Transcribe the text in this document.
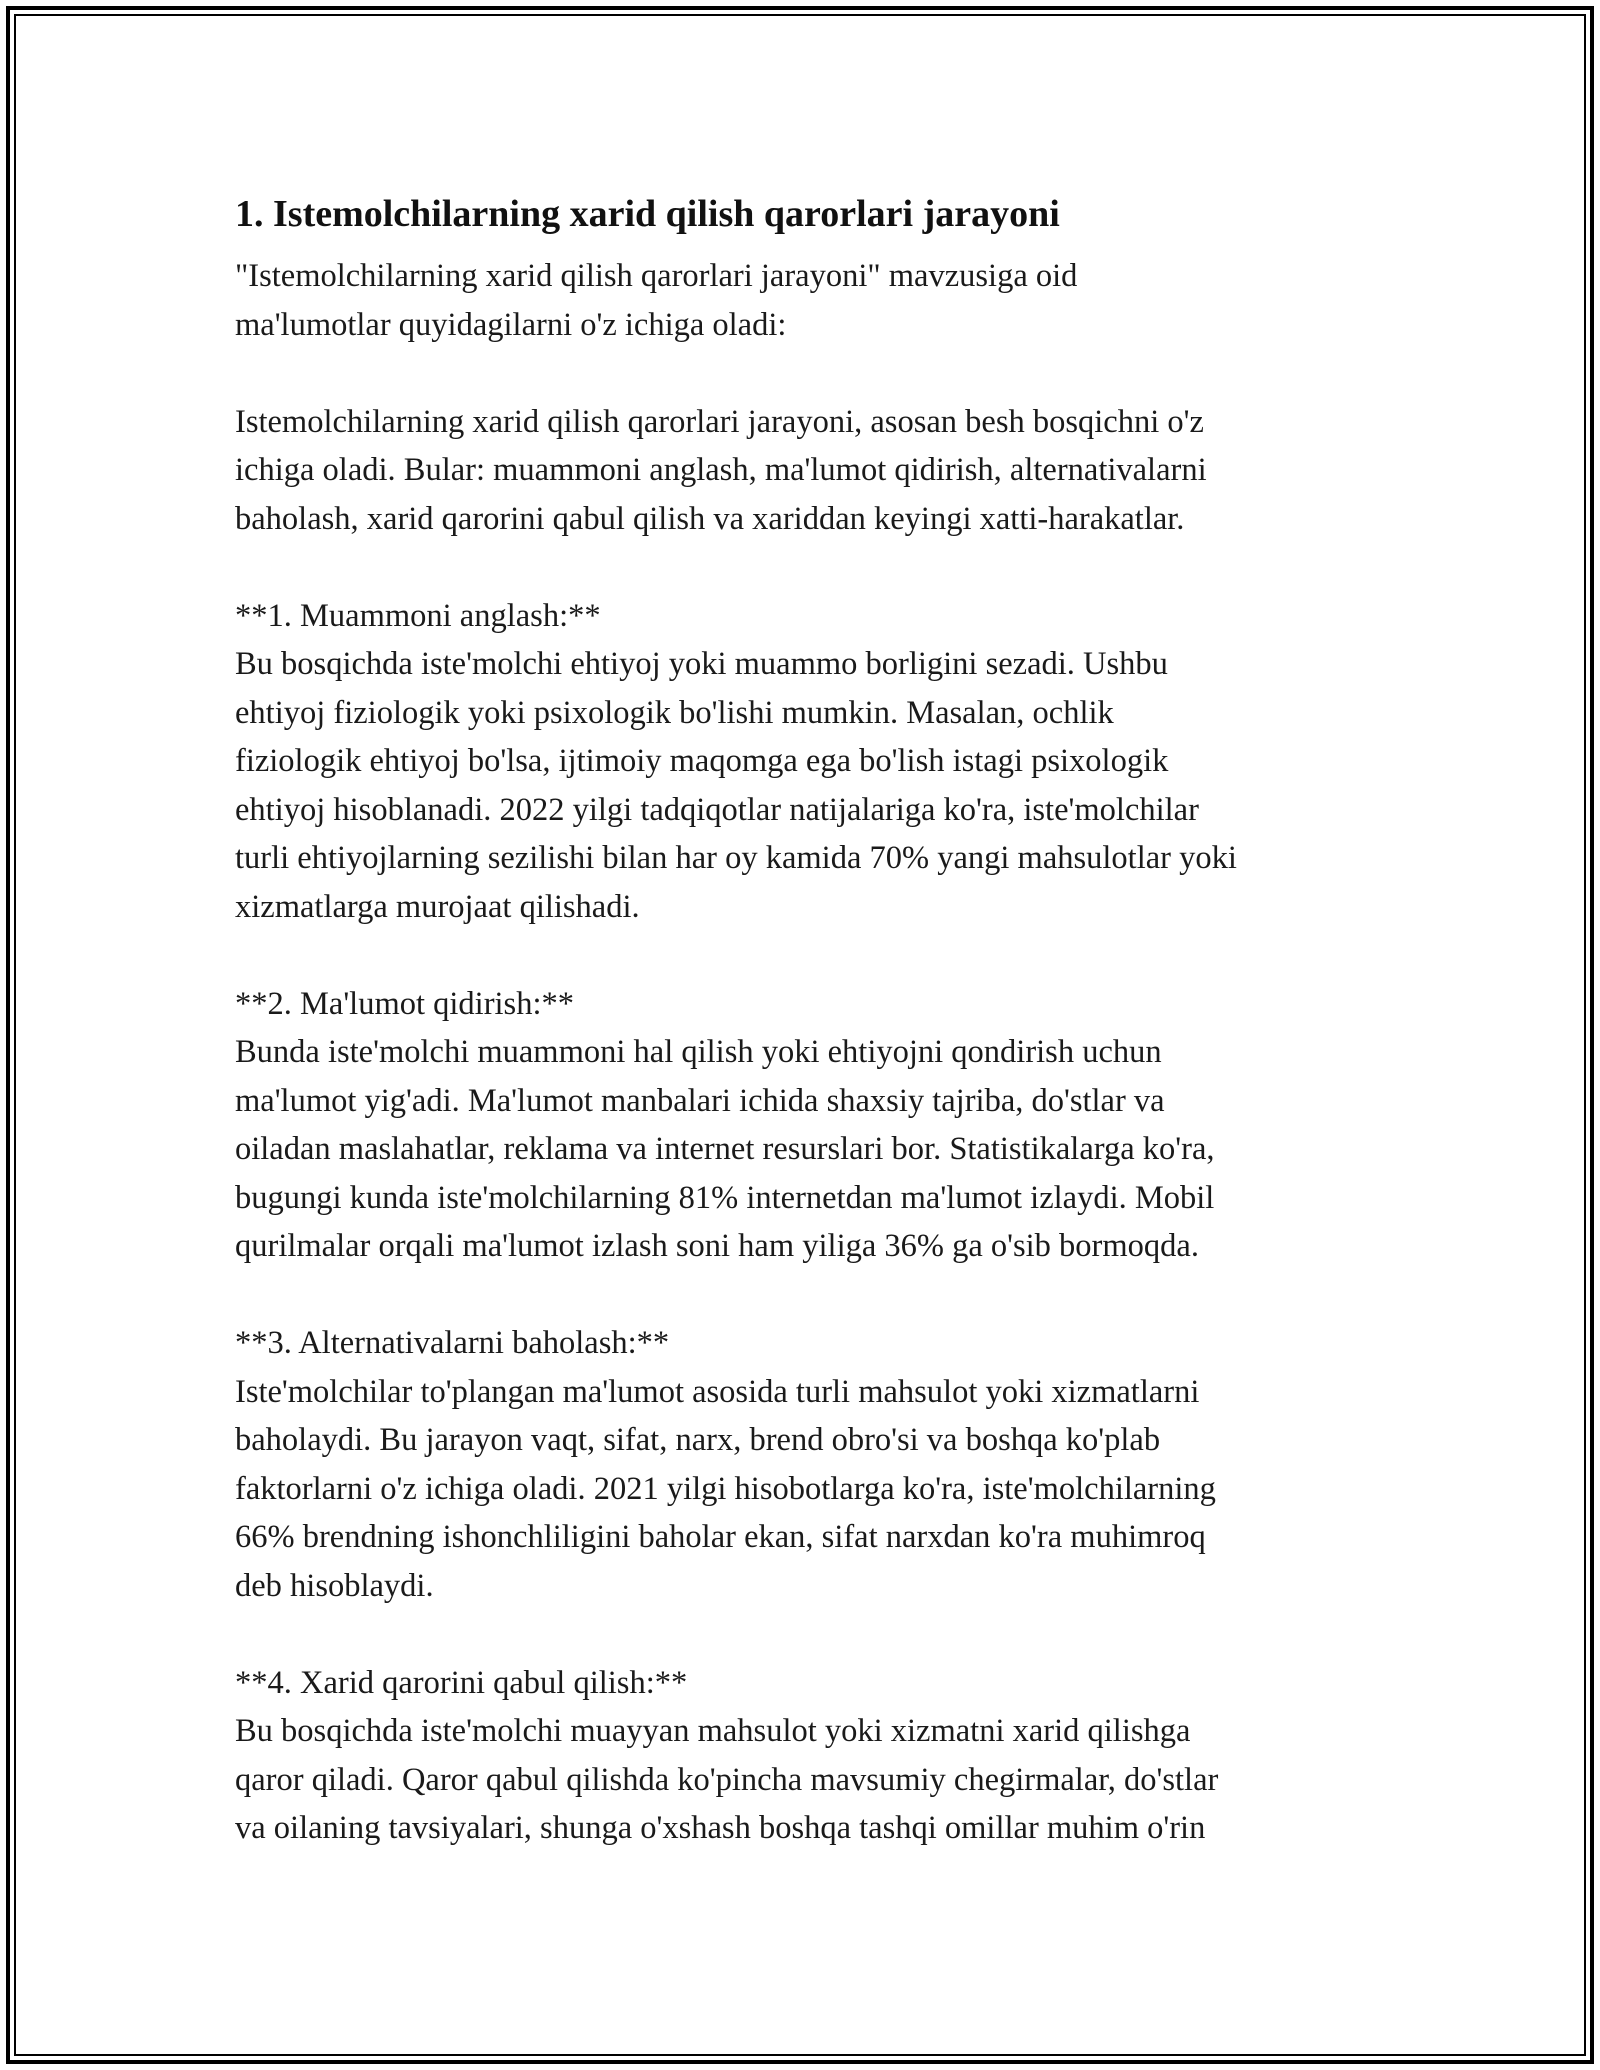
1. Istemolchilarning xarid qilish qarorlari jarayoni

"Istemolchilarning xarid qilish qarorlari jarayoni" mavzusiga oid
ma'lumotlar quyidagilarni o'z ichiga oladi:

Istemolchilarning xarid qilish qarorlari jarayoni, asosan besh bosqichni o'z
ichiga oladi. Bular: muammoni anglash, ma'lumot qidirish, alternativalarni
baholash, xarid qarorini qabul qilish va xariddan keyingi xatti-harakatlar.

**1. Muammoni anglash:**

Bu bosqichda iste'molchi ehtiyoj yoki muammo borligini sezadi. Ushbu
ehtiyoj fiziologik yoki psixologik bo'lishi mumkin. Masalan, ochlik
fiziologik ehtiyoj bo'lsa, ijtimoiy maqomga ega bo'lish istagi psixologik
ehtiyoj hisoblanadi. 2022 yilgi tadqiqotlar natijalariga ko'ra, iste'molchilar
turli ehtiyojlarning sezilishi bilan har oy kamida 70% yangi mahsulotlar yoki
xizmatlarga murojaat qilishadi.

**2. Ma'lumot qidirish:**

Bunda iste'molchi muammoni hal qilish yoki ehtiyojni qondirish uchun
ma'lumot yig'adi. Ma'lumot manbalari ichida shaxsiy tajriba, do'stlar va
oiladan maslahatlar, reklama va internet resurslari bor. Statistikalarga ko'ra,
bugungi kunda iste'molchilarning 81% internetdan ma'lumot izlaydi. Mobil
qurilmalar orqali ma'lumot izlash soni ham yiliga 36% ga o'sib bormoqda.

**3. Alternativalarni baholash:**

Iste'molchilar to'plangan ma'lumot asosida turli mahsulot yoki xizmatlarni
baholaydi. Bu jarayon vaqt, sifat, narx, brend obro'si va boshqa ko'plab
faktorlarni o'z ichiga oladi. 2021 yilgi hisobotlarga ko'ra, iste'molchilarning
66% brendning ishonchliligini baholar ekan, sifat narxdan ko'ra muhimroq
deb hisoblaydi.

**4. Xarid qarorini qabul qilish:**

Bu bosqichda iste'molchi muayyan mahsulot yoki xizmatni xarid qilishga
qaror qiladi. Qaror qabul qilishda ko'pincha mavsumiy chegirmalar, do'stlar
va oilaning tavsiyalari, shunga o'xshash boshqa tashqi omillar muhim o'rin
